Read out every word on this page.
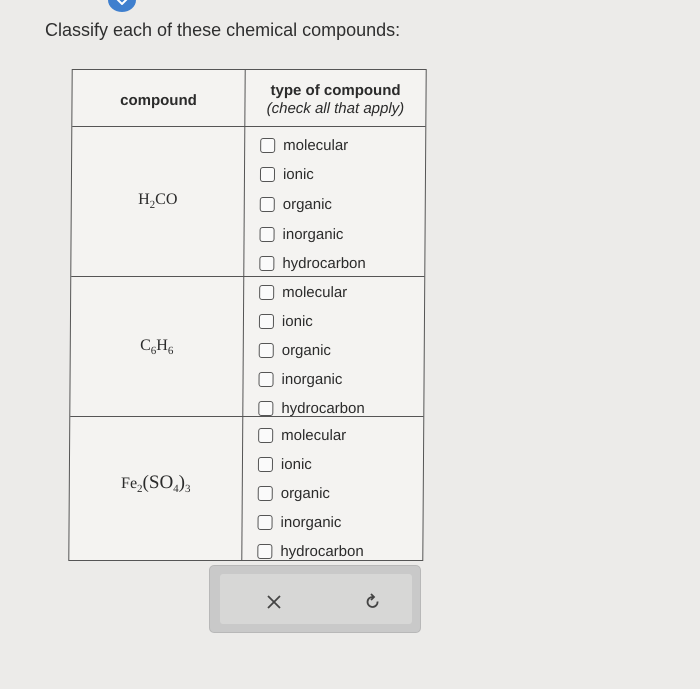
Classify each of these chemical compounds:
compound
type of compound
(check all that apply)
$H_2CO$
molecular
ionic
organic
inorganic
hydrocarbon
$C_6H_6$
molecular
ionic
organic
inorganic
hydrocarbon
$Fe_2(SO_4)_3$
molecular
ionic
organic
inorganic
hydrocarbon
